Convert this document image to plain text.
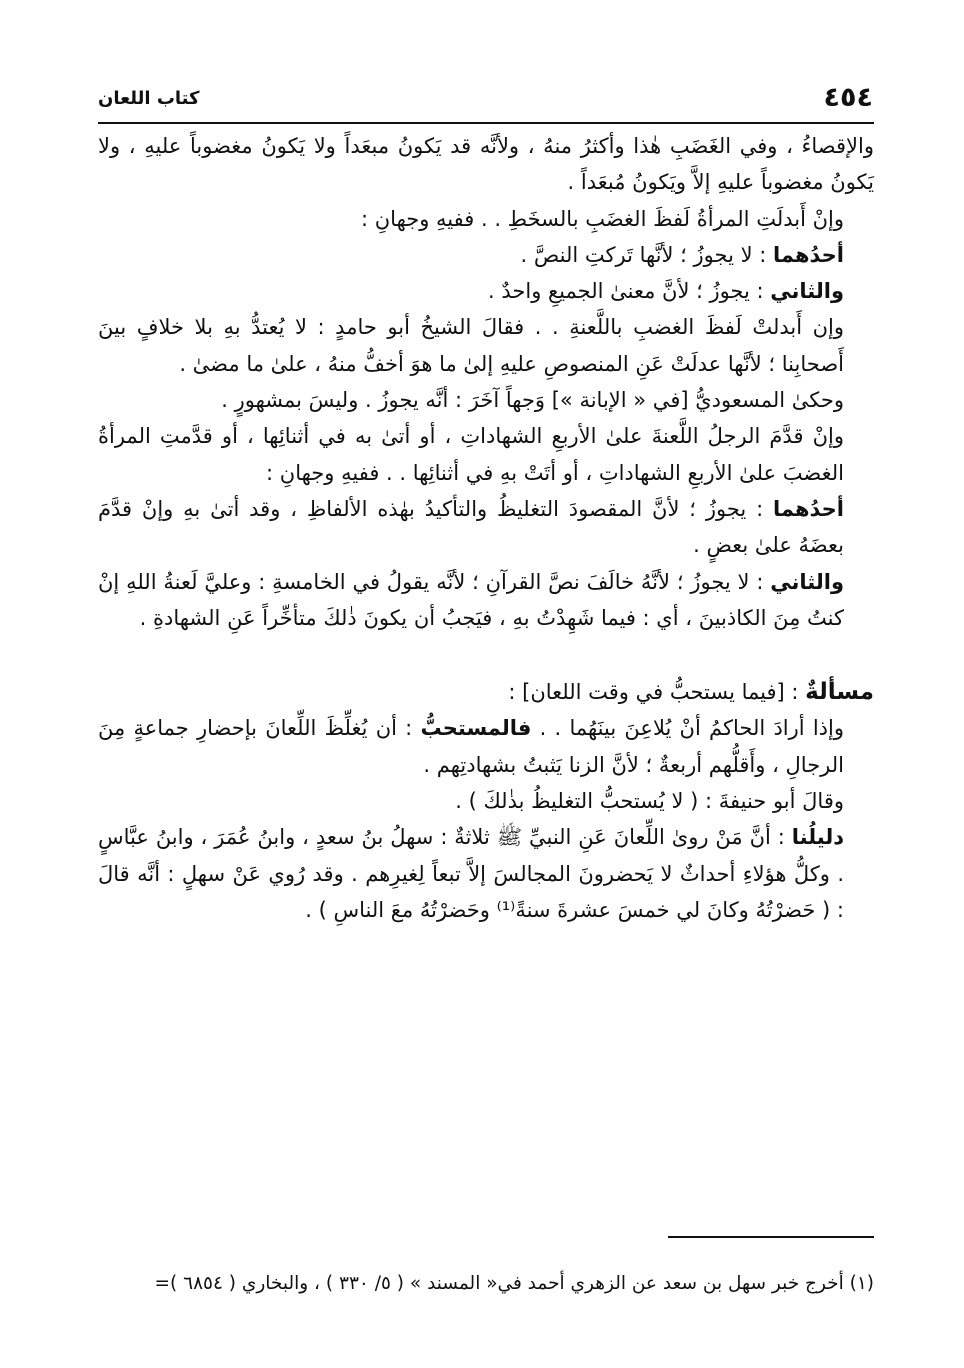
٤٥٤
كتاب اللعان

والإقصاءُ ، وفي الغَضَبِ هٰذا وأكثرُ منهُ ، ولأنَّه قد يَكونُ مبعَداً ولا يَكونُ مغضوباً عليهِ ، ولا يَكونُ مغضوباً عليهِ إلاَّ ويَكونُ مُبعَداً .

وإنْ أَبدلَتِ المرأةُ لَفظَ الغضَبِ بالسخَطِ . . ففيهِ وجهانِ :

أحدُهما : لا يجوزُ ؛ لأنَّها تَركتِ النصَّ .

والثاني : يجوزُ ؛ لأنَّ معنىٰ الجميعِ واحدٌ .

وإن أَبدلتْ لَفظَ الغضبِ باللَّعنةِ . . فقالَ الشيخُ أبو حامدٍ : لا يُعتدُّ بهِ بلا خلافٍ بينَ أَصحابِنا ؛ لأنَّها عدلَتْ عَنِ المنصوصِ عليهِ إلىٰ ما هوَ أخفُّ منهُ ، علىٰ ما مضىٰ .

وحكىٰ المسعوديُّ [في « الإبانة »] وَجهاً آخَرَ : أنَّه يجوزُ . وليسَ بمشهورٍ .

وإنْ قدَّمَ الرجلُ اللَّعنةَ علىٰ الأربعِ الشهاداتِ ، أو أتىٰ به في أثنائِها ، أو قدَّمتِ المرأةُ الغضبَ علىٰ الأربعِ الشهاداتِ ، أو أتَتْ بهِ في أثنائِها . . ففيهِ وجهانِ :

أحدُهما : يجوزُ ؛ لأنَّ المقصودَ التغليظُ والتأكيدُ بهٰذه الألفاظِ ، وقد أتىٰ بهِ وإنْ قدَّمَ بعضَهُ علىٰ بعضٍ .

والثاني : لا يجوزُ ؛ لأنَّهُ خالَفَ نصَّ القرآنِ ؛ لأنَّه يقولُ في الخامسةِ : وعليَّ لَعنةُ اللهِ إنْ كنتُ مِنَ الكاذبينَ ، أي : فيما شَهِدْتُ بهِ ، فيَجبُ أن يكونَ ذٰلكَ متأخِّراً عَنِ الشهادةِ .

مسألةٌ : [فيما يستحبُّ في وقت اللعان] :

وإذا أرادَ الحاكمُ أنْ يُلاعِنَ بينَهُما . . فالمستحبُّ : أن يُغلِّظَ اللِّعانَ بإحضارِ جماعةٍ مِنَ الرجالِ ، وأَقلُّهم أربعةٌ ؛ لأنَّ الزنا يَثبتُ بشهادتِهم .

وقالَ أبو حنيفةَ : ( لا يُستحبُّ التغليظُ بذٰلكَ ) .

دليلُنا : أنَّ مَنْ روىٰ اللِّعانَ عَنِ النبيِّ ﷺ ثلاثةٌ : سهلُ بنُ سعدٍ ، وابنُ عُمَرَ ، وابنُ عبَّاسٍ . وكلُّ هؤلاءِ أحداثٌ لا يَحضرونَ المجالسَ إلاَّ تبعاً لِغيرِهم . وقد رُوي عَنْ سهلٍ : أنَّه قالَ : ( حَضرْتُهُ وكانَ لي خمسَ عشرةَ سنةً⁽¹⁾ وحَضرْتُهُ معَ الناسِ ) .

(١) أخرج خبر سهل بن سعد عن الزهري أحمد في« المسند » ( ٥/ ٣٣٠ ) ، والبخاري ( ٦٨٥٤ )=
